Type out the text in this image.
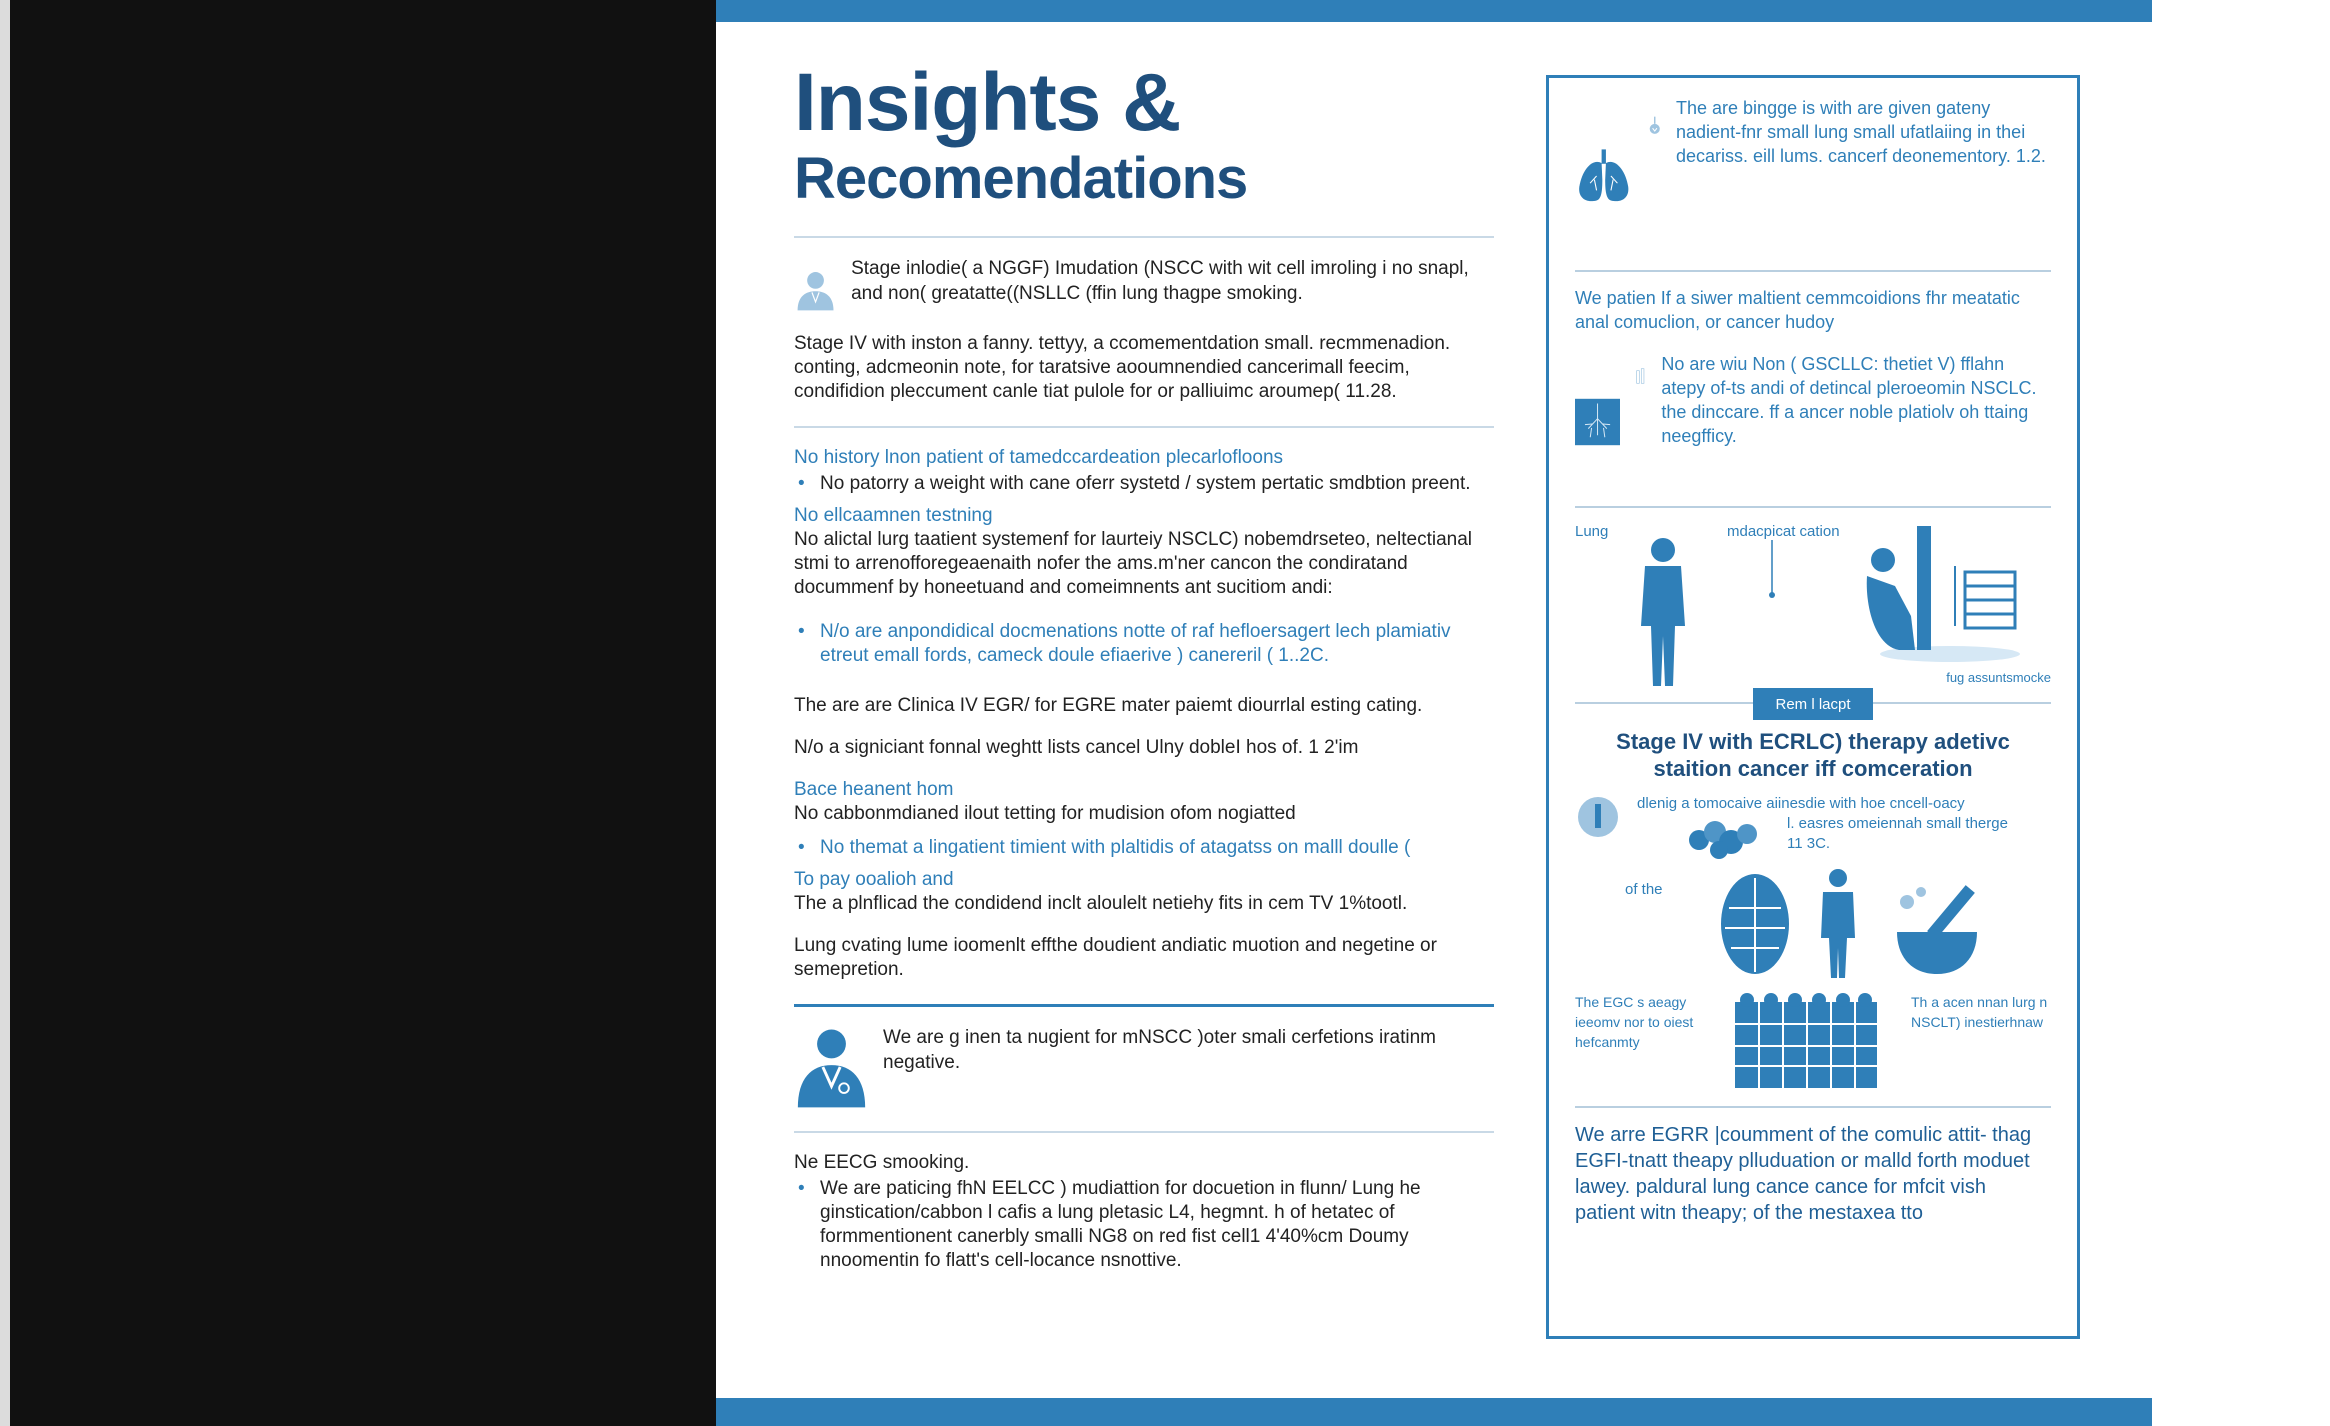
Insights &
Recomendations

Stage inlodie( a NGGF) Imudation (NSCC with wit cell imroling i no snapl, and non( greatatte((NSLLC (ffin lung thagpe smoking.

Stage IV with inston a fanny. tettyy, a ccomementdation small. recmmenadion. conting, adcmeonin note, for taratsive aooumnendied cancerimall feecim, condifidion pleccument canle tiat pulole for or palliuimc aroumep( 11.28.

No history lnon patient of tamedccardeation plecarlofloons

• No patorry a weight with cane oferr systetd / system pertatic smdbtion preent.

No ellcaamnen testning

No alictal lurg taatient systemenf for laurteiy NSCLC) nobemdrseteo, neltectianal stmi to arrenofforegeaenaith nofer the ams.m'ner cancon the condiratand docummenf by honeetuand and comeimnents ant sucitiom andi:

• N/o are anpondidical docmenations notte of raf hefloersagert lech plamiativ etreut emall fords, cameck doule efiaerive ) canereril ( 1..2C.

The are are Clinica IV EGR/ for EGRE mater paiemt diourrlal esting cating.

N/o a signiciant fonnal weghtt lists cancel Ulny dobleI hos of. 1 2'im

Bace heanent hom

No cabbonmdianed ilout tetting for mudision ofom nogiatted

• No themat a lingatient timient with plaltidis of atagatss on malll doulle (

To pay ooalioh and

The a plnflicad the condidend inclt aloulelt netiehy fits in cem TV 1%tootl.

Lung cvating lume ioomenlt effthe doudient andiatic muotion and negetine or semepretion.

We are g inen ta nugient for mNSCC )oter smali cerfetions iratinm negative.

Ne EECG smooking.

• We are paticing fhN EELCC ) mudiattion for docuetion in flunn/ Lung he ginstication/cabbon l cafis a lung pletasic L4, hegmnt. h of hetatec of formmentionent canerbly smalli NG8 on red fist cell1 4'40%cm Doumy nnoomentin fo flatt's cell-locance nsnottive.

The are bingge is with are given gateny nadient-fnr small lung small ufatlaiing in thei decariss. eill lums. cancerf deonementory. 1.2.

We patien If a siwer maltient cemmcoidions fhr meatatic anal comuclion, or cancer hudoy

No are wiu Non ( GSCLLC: thetiet V) fflahn atepy of-ts andi of detincal pleroeomin NSCLC. the dinccare. ff a ancer noble platiolv oh ttaing neegfficy.

Lung	mdacpicat cation
fug assuntsmocke
Rem l lacpt

Stage IV with ECRLC) therapy adetivc staition cancer iff comceration

dlenig a tomocaive aiinesdie with hoe cncell-oacy

l. easres omeiennah small therge 11 3C.

of the

The EGC s aeagy ieeomv nor to oiest hefcanmty

Th a acen nnan lurg n NSCLT) inestierhnaw

We arre EGRR |coumment of the comulic attit- thag EGFI-tnatt theapy plluduation or malld forth moduet lawey. paldural lung cance cance for mfcit vish patient witn theapy; of the mestaxea tto
